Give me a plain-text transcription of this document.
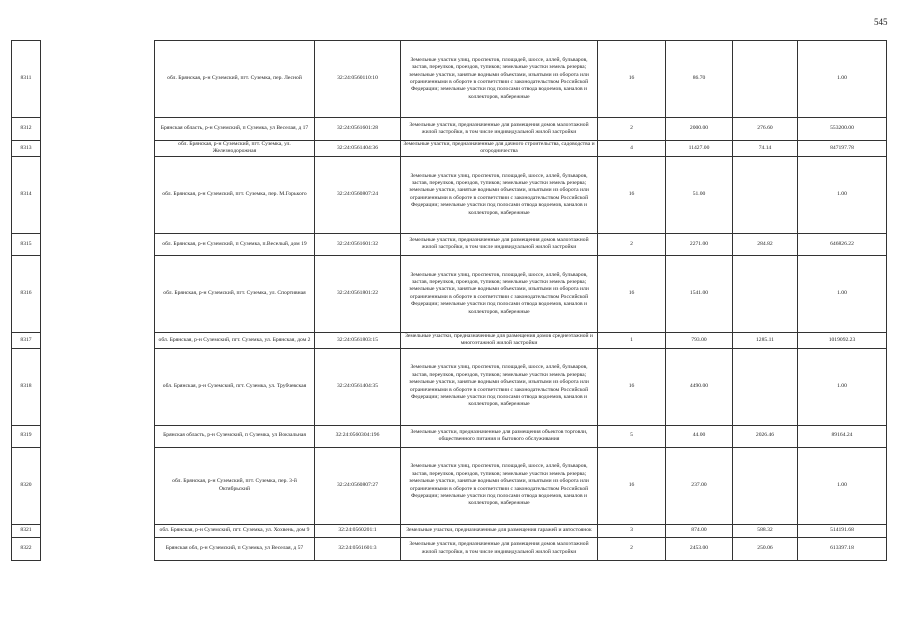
545
8311		обл. Брянская, р-н Суземский, пгт. Суземка, пер. Лесной	32:24:0560110:10	Земельные участки улиц, проспектов, площадей, шоссе, аллей, бульваров, застав, переулков, проездов, тупиков; земельные участки земель резерва; земельные участки, занятые водными объектами, изъятыми из оборота или ограниченными в обороте в соответствии с законодательством Российской Федерации; земельные участки под полосами отвода водоемов, каналов и коллекторов, набережные	16	86.70		1.00
8312		Брянская область, р-н Суземский, п Суземка, ул Веселая, д 17	32:24:0561601:28	Земельные участки, предназначенные для размещения домов малоэтажной жилой застройки, в том числе индивидуальной жилой застройки	2	2000.00	276.60	553200.00
8313		обл. Брянская, р-н Суземский, пгт. Суземка, ул. Железнодорожная	32:24:0561404:36	Земельные участки, предназначенные для дачного строительства, садоводства и огородничества	4	11427.00	74.14	847197.78
8314		обл. Брянская, р-н Суземский, пгт. Суземка, пер. М.Горького	32:24:0560807:24	Земельные участки улиц, проспектов, площадей, шоссе, аллей, бульваров, застав, переулков, проездов, тупиков; земельные участки земель резерва; земельные участки, занятые водными объектами, изъятыми из оборота или ограниченными в обороте в соответствии с законодательством Российской Федерации; земельные участки под полосами отвода водоемов, каналов и коллекторов, набережные	16	51.00		1.00
8315		обл. Брянская, р-н Суземский, п Суземка, п.Веселый, дом 19	32:24:0561601:32	Земельные участки, предназначенные для размещения домов малоэтажной жилой застройки, в том числе индивидуальной жилой застройки	2	2271.00	284.82	646826.22
8316		обл. Брянская, р-н Суземский, пгт. Суземка, ул. Спортивная	32:24:0561801:22	Земельные участки улиц, проспектов, площадей, шоссе, аллей, бульваров, застав, переулков, проездов, тупиков; земельные участки земель резерва; земельные участки, занятые водными объектами, изъятыми из оборота или ограниченными в обороте в соответствии с законодательством Российской Федерации; земельные участки под полосами отвода водоемов, каналов и коллекторов, набережные	16	1541.00		1.00
8317		обл. Брянская, р-н Суземский, пгт. Суземка, ул. Брянская, дом 2	32:24:0561803:15	Земельные участки, предназначенные для размещения домов среднеэтажной и многоэтажной жилой застройки	1	793.00	1285.11	1019092.23
8318		обл. Брянская, р-н Суземский, пгт. Суземка, ул. Трубчевская	32:24:0561404:35	Земельные участки улиц, проспектов, площадей, шоссе, аллей, бульваров, застав, переулков, проездов, тупиков; земельные участки земель резерва; земельные участки, занятые водными объектами, изъятыми из оборота или ограниченными в обороте в соответствии с законодательством Российской Федерации; земельные участки под полосами отвода водоемов, каналов и коллекторов, набережные	16	4490.00		1.00
8319		Брянская область, р-н Суземский, п Суземка, ул Вокзальная	32:24:0560304:196	Земельные участки, предназначенные для размещения объектов торговли, общественного питания и бытового обслуживания	5	44.00	2026.46	89164.24
8320		обл. Брянская, р-н Суземский, пгт. Суземка, пер. 3-й Октябрьский	32:24:0560807:27	Земельные участки улиц, проспектов, площадей, шоссе, аллей, бульваров, застав, переулков, проездов, тупиков; земельные участки земель резерва; земельные участки, занятые водными объектами, изъятыми из оборота или ограниченными в обороте в соответствии с законодательством Российской Федерации; земельные участки под полосами отвода водоемов, каналов и коллекторов, набережные	16	237.00		1.00
8321		обл. Брянская, р-н Суземский, пгт. Суземка, ул. Хохвень, дом 9	32:24:0560201:1	Земельные участки, предназначенные для размещения гаражей и автостоянок	3	874.00	588.32	514191.68
8322		Брянская обл, р-н Суземский, п Суземка, ул Веселая, д 57	32:24:0561601:3	Земельные участки, предназначенные для размещения домов малоэтажной жилой застройки, в том числе индивидуальной жилой застройки	2	2453.00	250.06	613397.18
